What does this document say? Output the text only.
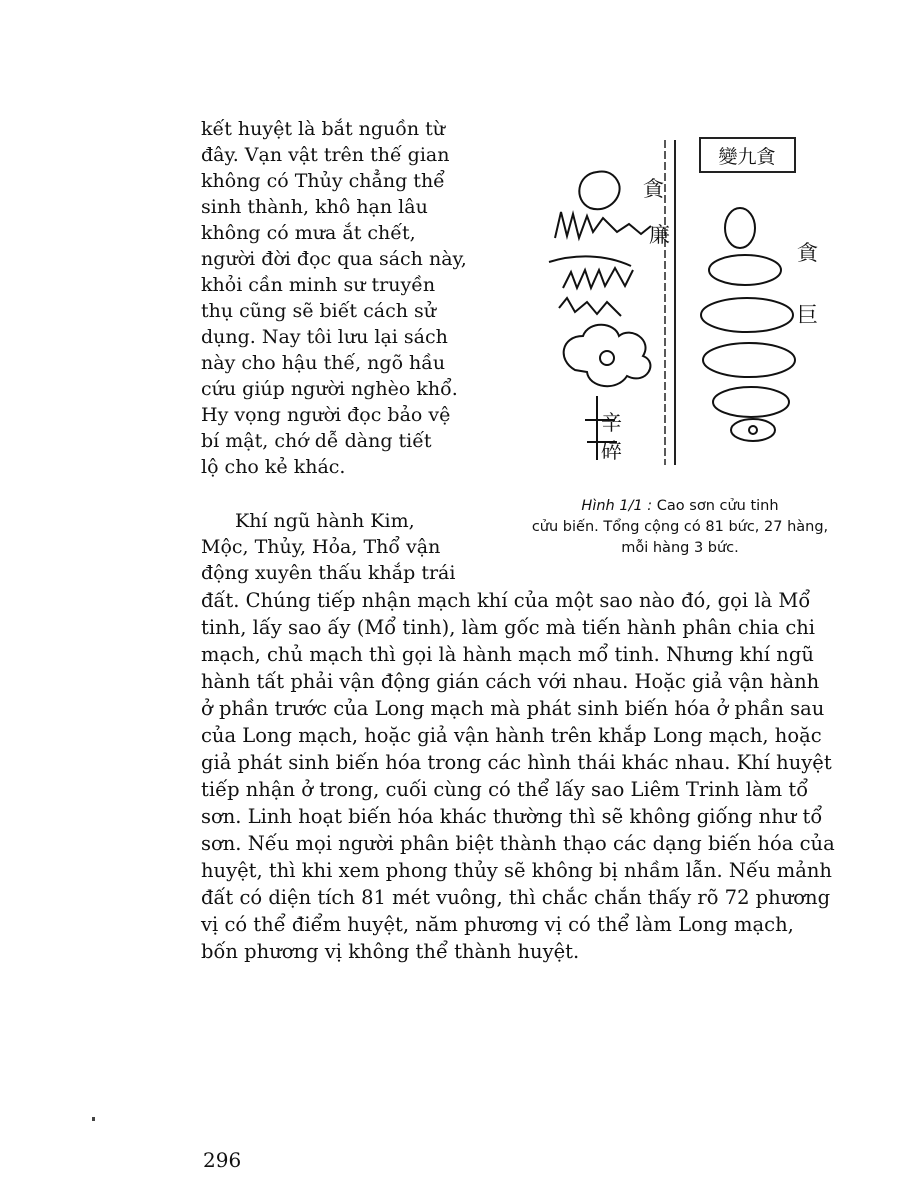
kết huyệt là bắt nguồn từ
đây. Vạn vật trên thế gian
không có Thủy chẳng thể
sinh thành, khô hạn lâu
không có mưa ắt chết,
người đời đọc qua sách này,
khỏi cần minh sư truyền
thụ cũng sẽ biết cách sử
dụng. Nay tôi lưu lại sách
này cho hậu thế, ngõ hầu
cứu giúp người nghèo khổ.
Hy vọng người đọc bảo vệ
bí mật, chớ dễ dàng tiết
lộ cho kẻ khác.
Khí ngũ hành Kim,
Mộc, Thủy, Hỏa, Thổ vận
động xuyên thấu khắp trái
變九貪
貪
廉
辛
碎
貪
巨
Hình 1/1 : Cao sơn cửu tinh
cửu biến. Tổng cộng có 81 bức, 27 hàng,
mỗi hàng 3 bức.
đất. Chúng tiếp nhận mạch khí của một sao nào đó, gọi là Mổ
tinh, lấy sao ấy (Mổ tinh), làm gốc mà tiến hành phân chia chi
mạch, chủ mạch thì gọi là hành mạch mổ tinh. Nhưng khí ngũ
hành tất phải vận động gián cách với nhau. Hoặc giả vận hành
ở phần trước của Long mạch mà phát sinh biến hóa ở phần sau
của Long mạch, hoặc giả vận hành trên khắp Long mạch, hoặc
giả phát sinh biến hóa trong các hình thái khác nhau. Khí huyệt
tiếp nhận ở trong, cuối cùng có thể lấy sao Liêm Trinh làm tổ
sơn. Linh hoạt biến hóa khác thường thì sẽ không giống như tổ
sơn. Nếu mọi người phân biệt thành thạo các dạng biến hóa của
huyệt, thì khi xem phong thủy sẽ không bị nhầm lẫn. Nếu mảnh
đất có diện tích 81 mét vuông, thì chắc chắn thấy rõ 72 phương
vị có thể điểm huyệt, năm phương vị có thể làm Long mạch,
bốn phương vị không thể thành huyệt.
296
